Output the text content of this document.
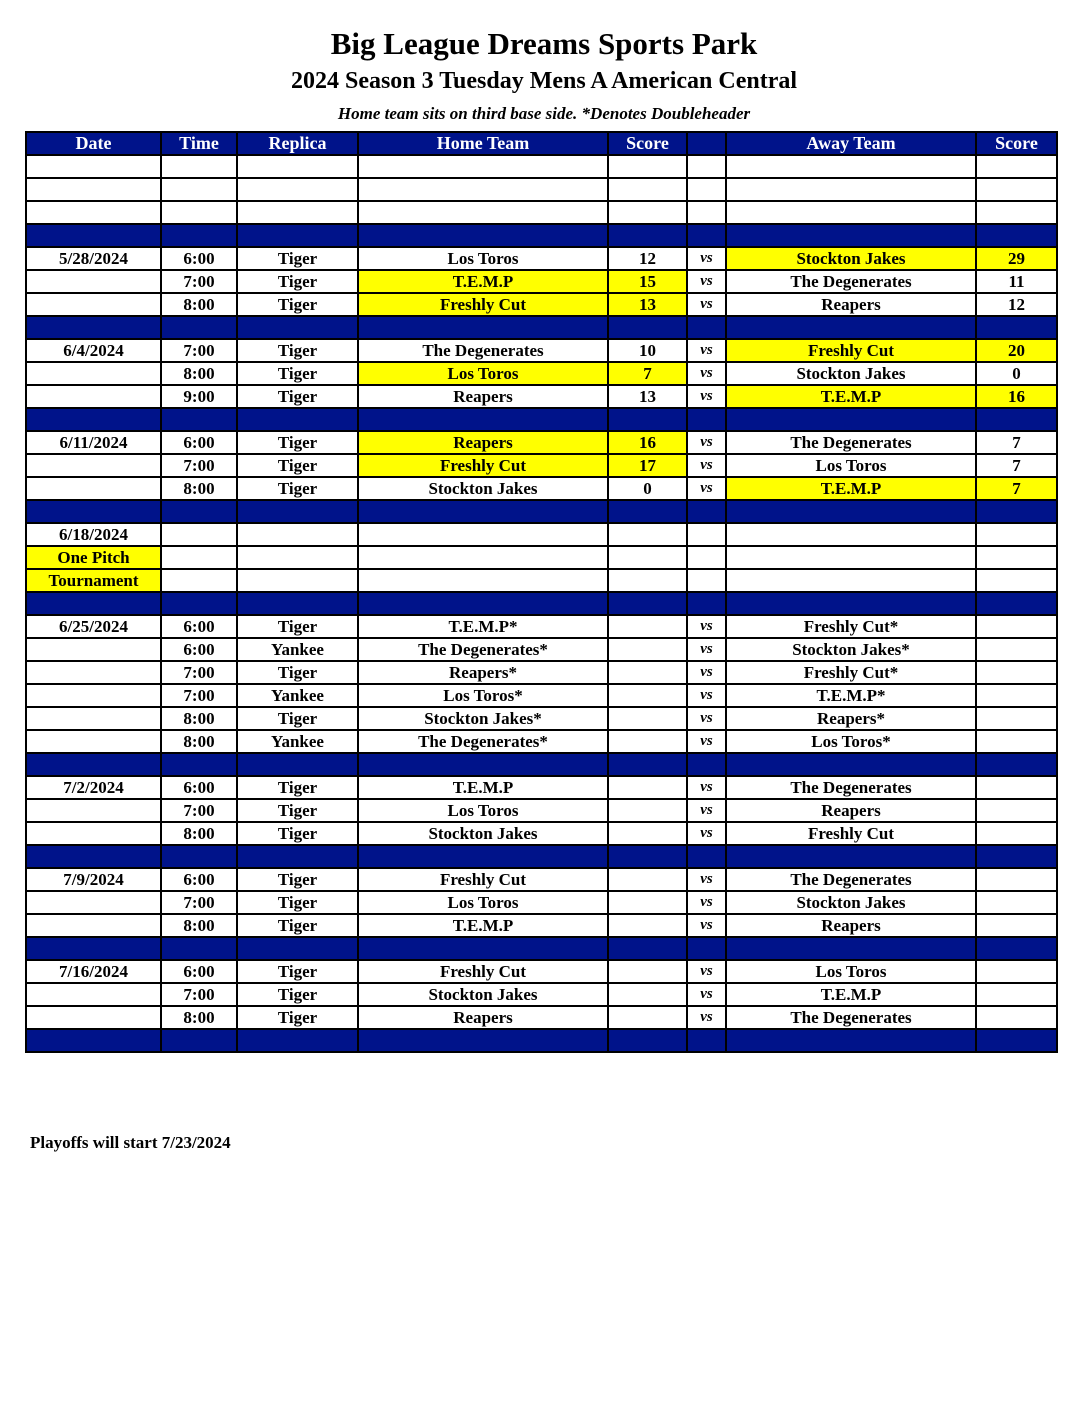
Big League Dreams Sports Park
2024 Season 3 Tuesday Mens A American Central
Home team sits on third base side. *Denotes Doubleheader
Date	Time	Replica	Home Team	Score		Away Team	Score

5/28/2024	6:00	Tiger	Los Toros	12	vs	Stockton Jakes	29
	7:00	Tiger	T.E.M.P	15	vs	The Degenerates	11
	8:00	Tiger	Freshly Cut	13	vs	Reapers	12

6/4/2024	7:00	Tiger	The Degenerates	10	vs	Freshly Cut	20
	8:00	Tiger	Los Toros	7	vs	Stockton Jakes	0
	9:00	Tiger	Reapers	13	vs	T.E.M.P	16

6/11/2024	6:00	Tiger	Reapers	16	vs	The Degenerates	7
	7:00	Tiger	Freshly Cut	17	vs	Los Toros	7
	8:00	Tiger	Stockton Jakes	0	vs	T.E.M.P	7

6/18/2024							
One Pitch							
Tournament							

6/25/2024	6:00	Tiger	T.E.M.P*		vs	Freshly Cut*	
	6:00	Yankee	The Degenerates*		vs	Stockton Jakes*	
	7:00	Tiger	Reapers*		vs	Freshly Cut*	
	7:00	Yankee	Los Toros*		vs	T.E.M.P*	
	8:00	Tiger	Stockton Jakes*		vs	Reapers*	
	8:00	Yankee	The Degenerates*		vs	Los Toros*	

7/2/2024	6:00	Tiger	T.E.M.P		vs	The Degenerates	
	7:00	Tiger	Los Toros		vs	Reapers	
	8:00	Tiger	Stockton Jakes		vs	Freshly Cut	

7/9/2024	6:00	Tiger	Freshly Cut		vs	The Degenerates	
	7:00	Tiger	Los Toros		vs	Stockton Jakes	
	8:00	Tiger	T.E.M.P		vs	Reapers	

7/16/2024	6:00	Tiger	Freshly Cut		vs	Los Toros	
	7:00	Tiger	Stockton Jakes		vs	T.E.M.P	
	8:00	Tiger	Reapers		vs	The Degenerates	

Playoffs will start 7/23/2024
